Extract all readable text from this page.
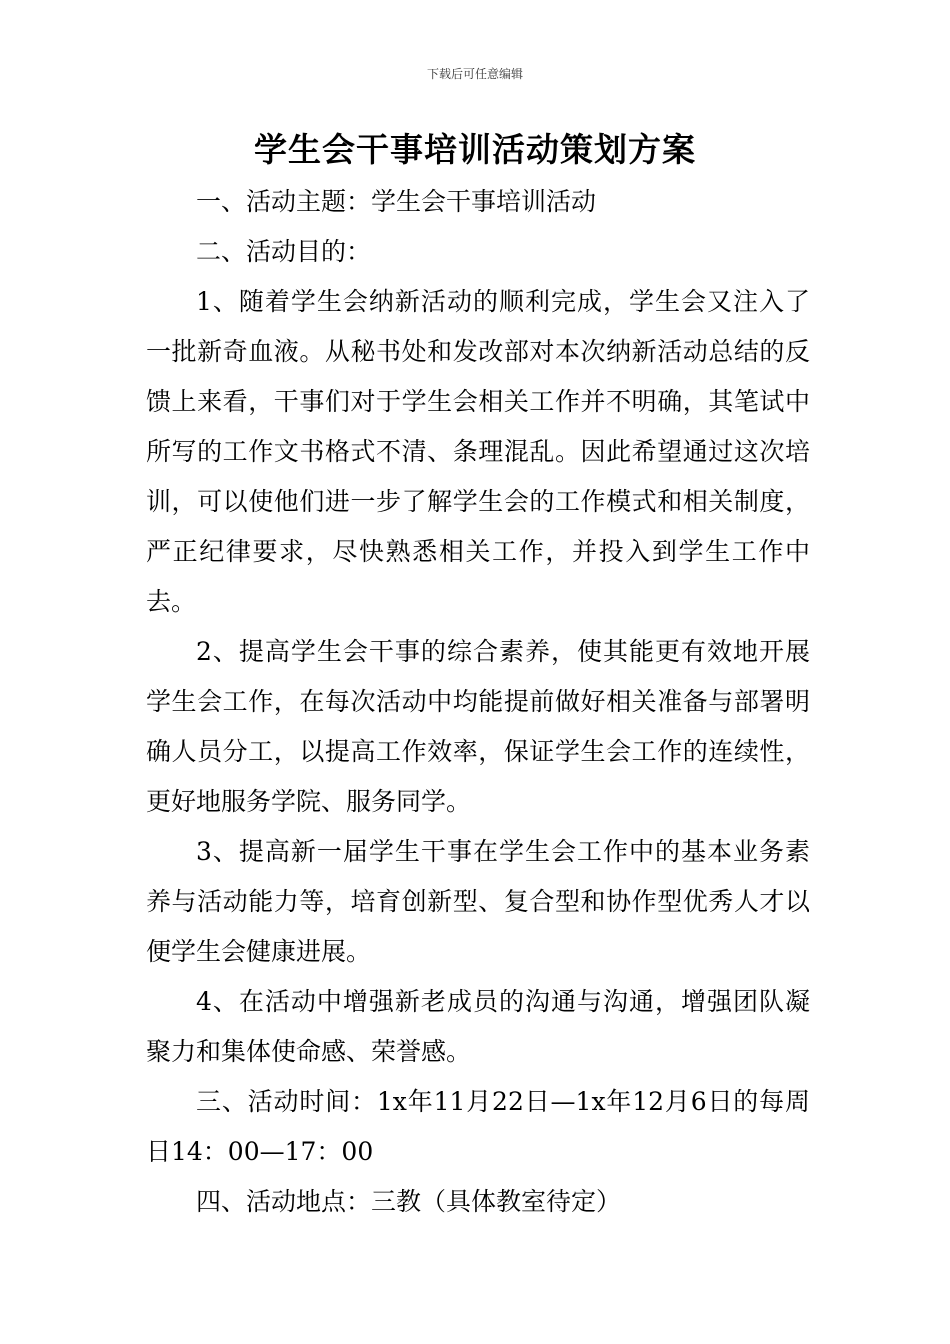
下载后可任意编辑
学生会干事培训活动策划方案

一、活动主题：学生会干事培训活动

二、活动目的：

1、随着学生会纳新活动的顺利完成，学生会又注入了一批新奇血液。从秘书处和发改部对本次纳新活动总结的反馈上来看，干事们对于学生会相关工作并不明确，其笔试中所写的工作文书格式不清、条理混乱。因此希望通过这次培训，可以使他们进一步了解学生会的工作模式和相关制度，严正纪律要求，尽快熟悉相关工作，并投入到学生工作中去。

2、提高学生会干事的综合素养，使其能更有效地开展学生会工作，在每次活动中均能提前做好相关准备与部署明确人员分工，以提高工作效率，保证学生会工作的连续性，更好地服务学院、服务同学。

3、提高新一届学生干事在学生会工作中的基本业务素养与活动能力等，培育创新型、复合型和协作型优秀人才以便学生会健康进展。

4、在活动中增强新老成员的沟通与沟通，增强团队凝聚力和集体使命感、荣誉感。

三、活动时间：1x年11月22日—1x年12月6日的每周日14：00—17：00

四、活动地点：三教（具体教室待定）
